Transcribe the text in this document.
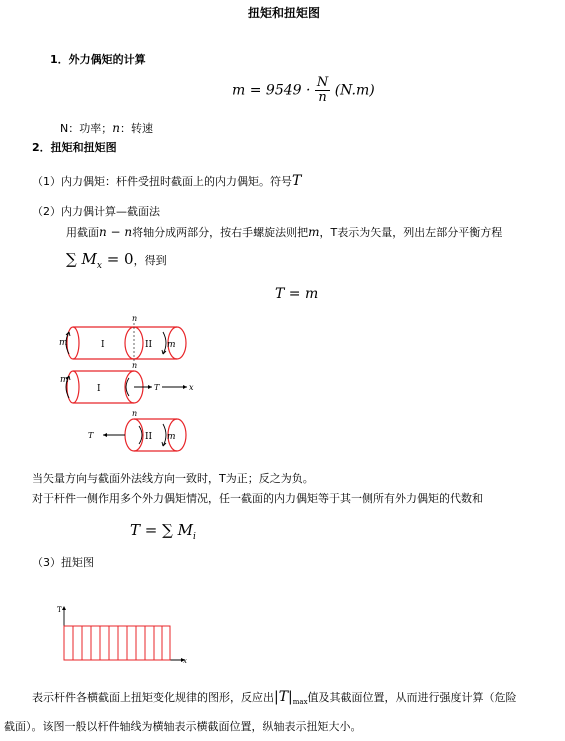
扭矩和扭矩图
1．外力偶矩的计算
$m = 9549 \cdot \frac{N}{n} (N.m)$
N：功率；n：转速
2．扭矩和扭矩图
（1）内力偶矩：杆件受扭时截面上的内力偶矩。符号T
（2）内力偶计算—截面法
用截面n − n将轴分成两部分，按右手螺旋法则把m，T表示为矢量，列出左部分平衡方程
∑ $M_x = 0$，得到
T = m
n
n
I	II
m	m
I
m
T	x
n
II
T	m
当矢量方向与截面外法线方向一致时，T为正；反之为负。
对于杆件一侧作用多个外力偶矩情况，任一截面的内力偶矩等于其一侧所有外力偶矩的代数和
T = ∑ $M_i$
（3）扭矩图
T
x
表示杆件各横截面上扭矩变化规律的图形，反应出$|T|_{max}$值及其截面位置，从而进行强度计算（危险
截面）。该图一般以杆件轴线为横轴表示横截面位置，纵轴表示扭矩大小。
